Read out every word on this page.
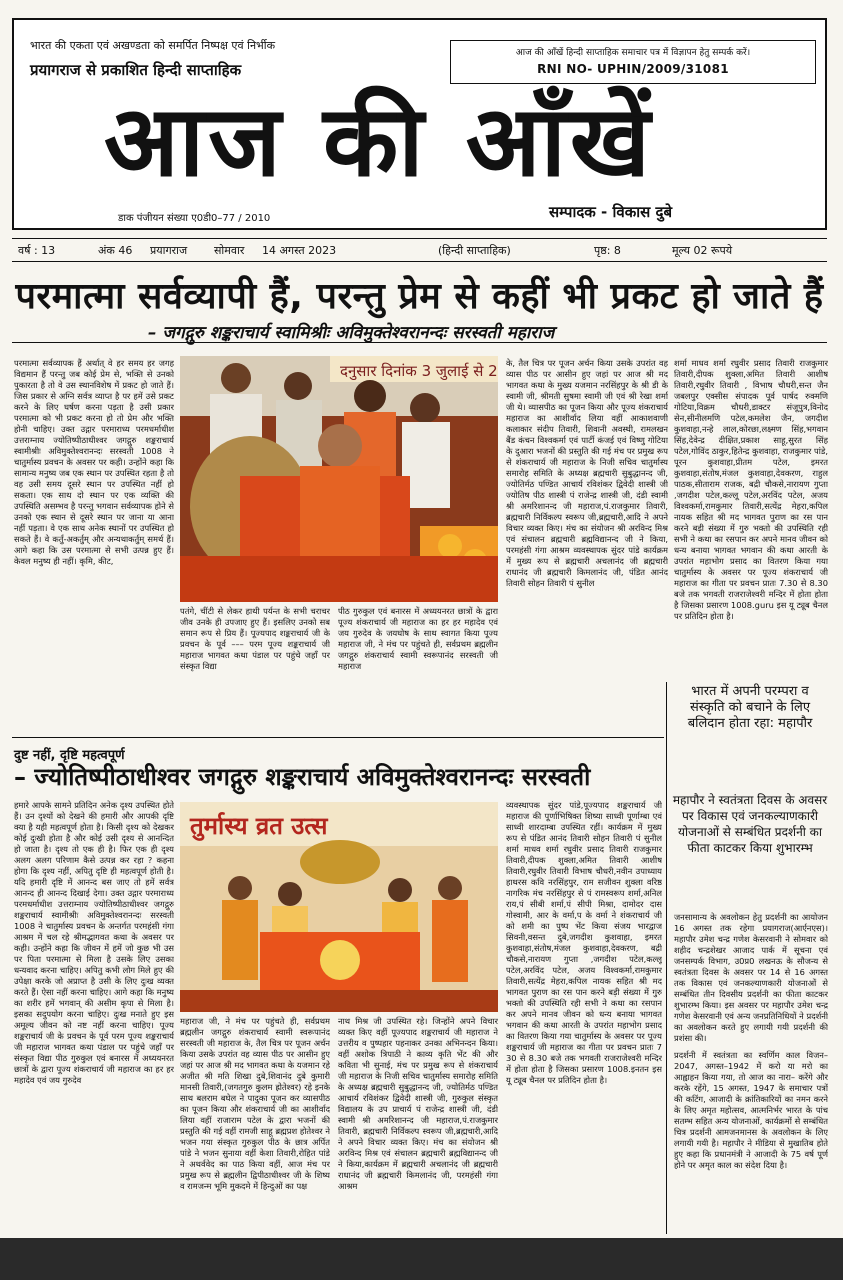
भारत की एकता एवं अखण्डता को समर्पित निष्पक्ष एवं निर्भीक
प्रयागराज से प्रकाशित हिन्दी साप्ताहिक
आज की आँखें हिन्दी साप्ताहिक समाचार पत्र में विज्ञापन हेतु सम्पर्क करें।
RNI NO- UPHIN/2009/31081
आज की आँखें
डाक पंजीयन संख्या ए0डी0–77 / 2010	सम्पादक - विकास दुबे
वर्ष : 13	अंक 46 प्रयागराज सोमवार 14 अगस्त 2023	(हिन्दी साप्ताहिक)	पृष्ठ: 8	मूल्य 02 रूपये
परमात्मा सर्वव्यापी हैं, परन्तु प्रेम से कहीं भी प्रकट हो जाते हैं
– जगद्गुरु शङ्कराचार्य स्वामिश्रीः अविमुक्तेश्वरानन्दः सरस्वती महाराज

परमात्मा सर्वव्यापक हैं अर्थात् वे हर समय हर जगह विद्यमान हैं परन्तु जब कोई प्रेम से, भक्ति से उनको पुकारता है तो वे उस स्थानविशेष में प्रकट हो जाते हैं। जिस प्रकार से अग्नि सर्वत्र व्याप्त है पर हमें उसे प्रकट करने के लिए घर्षण करना पड़ता है उसी प्रकार परमात्मा को भी प्रकट करना हो तो प्रेम और भक्ति होनी चाहिए। उक्त उद्गार परमाराध्य परमधर्माधीश उत्तराम्नाय ज्योतिष्पीठाधीश्वर जगद्गुरु शङ्कराचार्य स्वामीश्रीः अविमुक्तेश्वरानन्दः सरस्वती 1008 ने चातुर्मास्य प्रवचन के अवसर पर कही। उन्होंने कहा कि सामान्य मनुष्य जब एक स्थान पर उपस्थित रहता है तो वह उसी समय दूसरे स्थान पर उपस्थित नहीं हो सकता। एक साथ दो स्थान पर एक व्यक्ति की उपस्थिति असम्भव है परन्तु भगवान सर्वव्यापक होने से उनको एक स्थान से दूसरे स्थान पर जाना या आना नहीं पड़ता। वे एक साथ अनेक स्थानों पर उपस्थित हो सकते हैं। वे कर्तुं-अकर्तुम् और अन्यथाकर्तुम् समर्थ हैं। आगे कहा कि उस परमात्मा से सभी उत्पन्न हुए हैं। केवल मनुष्य ही नहीं। कृमि, कीट,

दनुसार दिनांक 3 जुलाई से 2

पतंगे, चींटी से लेकर हाथी पर्यन्त के सभी चराचर जीव उनके ही उपजाए हुए हैं। इसलिए उनको सब समान रूप से प्रिय हैं। पूज्यपाद शङ्कराचार्य जी के प्रवचन के पूर्व ––– परम पूज्य शङ्कराचार्य जी महाराज भागवत कथा पंडाल पर पहुंचे जहाँ पर संस्कृत विद्या

पीठ गुरुकुल एवं बनारस में अध्ययनरत छात्रों के द्वारा पूज्य शंकराचार्य जी महाराज का हर हर महादेव एवं जय गुरुदेव के जयघोष के साथ स्वागत किया पूज्य महाराज जी, ने मंच पर पहुंचते ही, सर्वप्रथम ब्रह्मलीन जगद्गुरु शंकराचार्य स्वामी स्वरूपानंद सरस्वती जी महाराज

के, तैल चित्र पर पूजन अर्चन किया उसके उपरांत वह व्यास पीठ पर आसीन हुए जहां पर आज श्री मद भागवत कथा के मुख्य यजमान नरसिंहपुर के श्री डी के स्वामी जी, श्रीमती सुषमा स्वामी जी एवं श्री रेखा शर्मा जी थे। व्यासपीठ का पूजन किया और पूज्य शंकराचार्य महाराज का आशीर्वाद लिया वहीं आकाशवाणी कलाकार संदीप तिवारी, शिवानी अवस्थी, रामलखन बैंड कंचन विश्वकर्मा एवं पार्टी कंजई एवं विष्णु गोटिया के दुआरा भजनों की प्रस्तुति की गई मंच पर प्रमुख रूप से शंकराचार्य जी महाराज के निजी सचिव चातुर्मास्य समारोह समिति के अध्यक्ष ब्रह्मचारी सुबुद्धानन्द जी, ज्योतिर्मठ पण्डित आचार्य रविशंकर द्विवेदी शास्त्री जी ज्योतिष पीठ शास्त्री पं राजेन्द्र शास्त्री जी, दंडी स्वामी श्री अमरिशानन्द जी महाराज,पं.राजकुमार तिवारी, ब्रह्मचारी निर्विकल्प स्वरूप जी,ब्रह्मचारी,आदि ने अपने विचार व्यक्त किए। मंच का संयोजन श्री अरविन्द मिश्र एवं संचालन ब्रह्मचारी ब्रह्मविद्यानन्द जी ने किया, परमहंसी गंगा आश्रम व्यवस्थापक सुंदर पांडे कार्यक्रम में मुख्य रूप से ब्रह्मचारी अचलानंद जी ब्रह्मचारी राधानंद जी ब्रह्मचारी किमलानंद जी, पंडित आनंद तिवारी सोहन तिवारी पं सुनील

शर्मा माधव शर्मा रघुवीर प्रसाद तिवारी राजकुमार तिवारी,दीपक शुक्ला,अमित तिवारी आशीष तिवारी,रघुवीर तिवारी , विभाष चौधरी,सन्त जैन जबलपुर एक्सीस संपादक पूर्व पार्षद रुक्मणि गोटिया,विक्रम चौधरी,डाक्टर संजूपुत्र,विनोद सेन,सीनीलमणि पटेल,कमलेश जैन, जगदीश कुशवाहा,नन्हे लाल,कोरछा,लक्ष्मण सिंह,भगवान सिंह,देवेन्द्र दीक्षित,प्रकाश साहू,सुरत सिंह पटेल,गोविंद ठाकुर,हितेन्द्र कुशवाहा, राजकुमार पांडे, पूरन कुशवाहा,प्रीतम पटेल, इमरत कुशवाहा,संतोष,मंजल कुशवाहा,देवकरण, राहुल पाठक,सीताराम राजक, बद्री चौकसे,नारायण गुप्ता ,जगदीश पटेल,कल्लू पटेल,अरविंद पटेल, अजय विश्वकर्मा,रामकुमार तिवारी,सत्येंद्र मेहरा,कपिल नायक सहित श्री मद भागवत पुराण का रस पान करने बड़ी संख्या में गुरु भक्तो की उपस्थिति रही सभी ने कथा का रसपान कर अपने मानव जीवन को धन्य बनाया भागवत भगवान की कथा आरती के उपरांत महाभोग प्रसाद का वितरण किया गया चातुर्मास्य के अवसर पर पूज्य शंकराचार्य जी महाराज का गीता पर प्रवचन प्रातः 7.30 से 8.30 बजे तक भगवती राजराजेश्वरी मन्दिर में होता होता है जिसका प्रसारण 1008.guru इस यू ट्यूब चैनल पर प्रतिदिन होता है।

दुष्ट नहीं, दृष्टि महत्वपूर्ण
– ज्योतिष्पीठाधीश्वर जगद्गुरु शङ्कराचार्य अविमुक्तेश्वरानन्दः सरस्वती

हमारे आपके सामने प्रतिदिन अनेक दृश्य उपस्थित होते हैं। उन दृश्यों को देखने की हमारी और आपकी दृष्टि क्या है यही महत्वपूर्ण होता है। किसी दृश्य को देखकर कोई दुःखी होता है और कोई उसी दृश्य से आनन्दित हो जाता है। दृश्य तो एक ही है। फिर एक ही दृश्य अलग अलग परिणाम कैसे उत्पन्न कर रहा ? कहना होगा कि दृश्य नहीं, अपितु दृष्टि ही महत्वपूर्ण होती है। यदि हमारी दृष्टि में आनन्द बस जाए तो हमें सर्वत्र आनन्द ही आनन्द दिखाई देगा। उक्त उद्गार परमाराध्य परमधर्माधीश उत्तराम्नाय ज्योतिष्पीठाधीश्वर जगद्गुरु शङ्कराचार्य स्वामीश्रीः अविमुक्तेश्वरानन्दः सरस्वती 1008 ने चातुर्मास्य प्रवचन के अन्तर्गत परमहंसी गंगा आश्रम में चल रहे श्रीमद्भागवत कथा के अवसर पर कही। उन्होंने कहा कि जीवन में हमें जो कुछ भी उस पर पिता परमात्मा से मिला है उसके लिए उसका धन्यवाद करना चाहिए। अपितु कभी लोग मिले हुए की उपेक्षा करके जो अप्राप्त है उसी के लिए दुःख व्यक्त करते हैं। ऐसा नहीं करना चाहिए। आगे कहा कि मनुष्य का शरीर हमें भगवान् की असीम कृपा से मिला है। इसका सदुपयोग करना चाहिए। दुःख मनाते हुए इस अमूल्य जीवन को नष्ट नहीं करना चाहिए। पूज्य शङ्कराचार्य जी के प्रवचन के पूर्व परम पूज्य शङ्कराचार्य जी महाराज भागवत कथा पंडाल पर पहुंचे जहाँ पर संस्कृत विद्या पीठ गुरुकुल एवं बनारस में अध्ययनरत छात्रों के द्वारा पूज्य शंकराचार्य जी महाराज का हर हर महादेव एवं जय गुरुदेव

तुर्मास्य व्रत उत्स

महाराज जी, ने मंच पर पहुंचते ही, सर्वप्रथम ब्रह्मलीन जगद्गुरु शंकराचार्य स्वामी स्वरूपानंद सरस्वती जी महाराज के, तैल चित्र पर पूजन अर्चन किया उसके उपरांत वह व्यास पीठ पर आसीन हुए जहां पर आज श्री मद भागवत कथा के यजमान रहे अजीत श्री मति शिखा दुबे,शिवानंद दुबे कुमारी मानसी तिवारी,(जगतगुरु कुलम ह्रोतेश्वर) रहे इनके साथ बलराम बघेल ने पादुका पूजन कर व्यासपीठ का पूजन किया और शंकराचार्य जी का आशीर्वाद लिया वहीं राजाराम पटेल के द्वारा भजनों की प्रस्तुति की गई वहीं रामजी साहू ब्रह्मप्रश होतेश्वर ने भजन गया संस्कृत गुरुकुल पीठ के छात्र अर्पित पांडे ने भजन सुनाया वहीं केशा तिवारी,रोहित पांडे ने अथर्ववेद का पाठ किया वहीं, आज मंच पर प्रमुख रूप से ब्रह्मलीन द्विपीठाधीश्वर जी के शिष्य व रामजन्म भूमि मुकदमे में हिन्दुओं का पक्ष

नाथ मिश्र जी उपस्थित रहे। जिन्होंने अपने विचार व्यक्त किए वहीं पूज्यपाद शङ्कराचार्य जी महाराज ने उत्तरीय व पुष्पहार पहनाकर उनका अभिनन्दन किया। वहीं अशोक त्रिपाठी ने काव्य कृति भेंट की और कविता भी सुनाई, मंच पर प्रमुख रूप से शंकराचार्य जी महाराज के निजी सचिव चातुर्मास्य समारोह समिति के अध्यक्ष ब्रह्मचारी सुबुद्धानन्द जी, ज्योतिर्मठ पण्डित आचार्य रविशंकर द्विवेदी शास्त्री जी, गुरुकुल संस्कृत विद्यालय के उप प्राचार्य पं राजेन्द्र शास्त्री जी, दंडी स्वामी श्री अमरिशानन्द जी महाराज,पं.राजकुमार तिवारी, ब्रह्मचारी निर्विकल्प स्वरूप जी,ब्रह्मचारी,आदि ने अपने विचार व्यक्त किए। मंच का संयोजन श्री अरविन्द मिश्र एवं संचालन ब्रह्मचारी ब्रह्मविद्यानन्द जी ने किया,कार्यक्रम में ब्रह्मचारी अचलानंद जी ब्रह्मचारी राधानंद जी ब्रह्मचारी किमलानंद जी, परमहंसी गंगा आश्रम

व्यवस्थापक सुंदर पांडे,पूज्यपाद शङ्कराचार्य जी महाराज की पूर्णाभिषिक्त शिष्या साध्वी पूर्णाम्बा एवं साध्वी शारदाम्बा उपस्थित रहीं। कार्यक्रम में मुख्य रूप से पंडित आनंद तिवारी सोहन तिवारी पं सुनील शर्मा माधव शर्मा रघुवीर प्रसाद तिवारी राजकुमार तिवारी,दीपक शुक्ला,अमित तिवारी आशीष तिवारी,रघुवीर तिवारी विभाष चौधरी,नवीन उपाध्याय हाथरस कवि नरसिंहपुर, राम सजीवन शुक्ला वरिष्ठ नागरिक मंच नरसिंहपुर से पं रामस्वरूप शर्मा,अनिल राय,पं सीबी शर्मा,पं सीपी मिश्रा, दामोदर दास गोस्वामी, आर के वर्मा,प के वर्मा ने शंकराचार्य जी को शमी का पुष्प भेंट किया संजय भारद्वाज सिवनी,वसन्त दुबे,जगदीश कुशवाहा, इमरत कुशवाहा,संतोष,मंजल कुशवाहा,देवकरण, बद्री चौकसे,नारायण गुप्ता ,जगदीश पटेल,कल्लू पटेल,अरविंद पटेल, अजय विश्वकर्मा,रामकुमार तिवारी,सत्येंद्र मेहरा,कपिल नायक सहित श्री मद भागवत पुराण का रस पान करने बड़ी संख्या में गुरु भक्तो की उपस्थिति रही सभी ने कथा का रसपान कर अपने मानव जीवन को धन्य बनाया भागवत भगवान की कथा आरती के उपरांत महाभोग प्रसाद का वितरण किया गया चातुर्मास्य के अवसर पर पूज्य शङ्कराचार्य जी महाराज का गीता पर प्रवचन प्रातः 7 30 से 8.30 बजे तक भगवती राजराजेश्वरी मन्दिर में होता होता है जिसका प्रसारण 1008.इनतन इस यू ट्यूब चैनल पर प्रतिदिन होता है।

भारत में अपनी परम्परा व संस्कृति को बचाने के लिए बलिदान होता रहा: महापौर
महापौर ने स्वतंत्रता दिवस के अवसर पर विकास एवं जनकल्याणकारी योजनाओं से सम्बंधित प्रदर्शनी का फीता काटकर किया शुभारम्भ

जनसामान्य के अवलोकन हेतु प्रदर्शनी का आयोजन 16 अगस्त तक रहेगा प्रयागराज(आर्एनएस)। महापौर उमेश चन्द्र गणेश केसरवानी ने सोमवार को शहीद चन्द्रशेखर आजाद पार्क में सूचना एवं जनसम्पर्क विभाग, उ0प्र0 लखनऊ के सौजन्य से स्वतंत्रता दिवस के अवसर पर 14 से 16 अगस्त तक विकास एवं जनकल्याणकारी योजनाओं से सम्बंधित तीन दिवसीय प्रदर्शनी का फीता काटकर शुभारम्भ किया। इस अवसर पर महापौर उमेश चन्द्र गणेश केसरवानी एवं अन्य जनप्रतिनिधियों ने प्रदर्शनी का अवलोकन करते हुए लगायी गयी प्रदर्शनी की प्रशंसा की।

प्रदर्शनी में स्वतंत्रता का स्वर्णिम काल विजन–2047, अगस्त–1942 में करो या मरो का आह्वाहन किया गया, तो आज का नारा– करेंगे और करके रहेंगे, 15 अगस्त, 1947 के समाचार पत्रों की कटिंग, आजादी के क्रांतिकारियों का नमन करने के लिए अमृत महोत्सव, आत्मनिर्भर भारत के पांच सतम्भ सहित अन्य योजनाओं, कार्यक्रमों से सम्बंधित चित्र प्रदर्शनी आमजनमानस के अवलोकन के लिए लगायी गयी है। महापौर ने मीडिया से मुखातिब होते हुए कहा कि प्रधानमंत्री ने आजादी के 75 वर्ष पूर्ण होने पर अमृत काल का संदेश दिया है।
